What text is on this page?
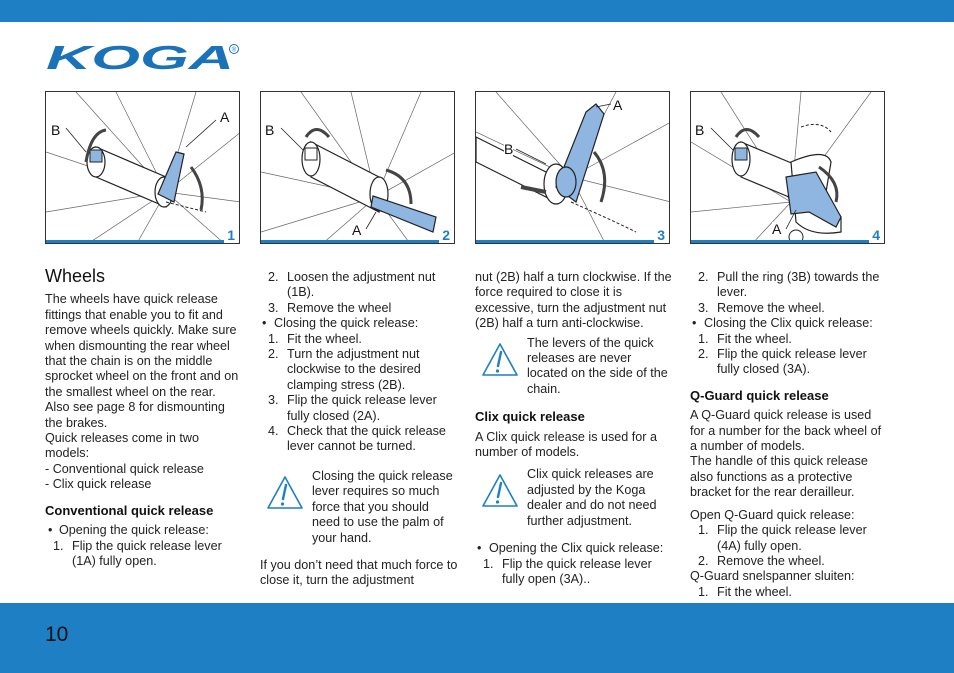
KOGA
®
B
A
1
B
A	2
A
B
3
B
A	4
Wheels

The wheels have quick release fittings that enable you to fit and remove wheels quickly. Make sure when dismounting the rear wheel that the chain is on the middle sprocket wheel on the front and on the smallest wheel on the rear. Also see page 8 for dismounting the brakes.

Quick releases come in two models:

- Conventional quick release

- Clix quick release

Conventional quick release
• Opening the quick release:
1. Flip the quick release lever (1A) fully open.
2. Loosen the adjustment nut (1B).
3. Remove the wheel
• Closing the quick release:
1. Fit the wheel.
2. Turn the adjustment nut clockwise to the desired clamping stress (2B).
3. Flip the quick release lever fully closed (2A).
4. Check that the quick release lever cannot be turned.
Closing the quick release lever requires so much force that you should need to use the palm of your hand.

If you don’t need that much force to close it, turn the adjustment

nut (2B) half a turn clockwise. If the force required to close it is excessive, turn the adjustment nut (2B) half a turn anti-clockwise.

The levers of the quick releases are never located on the side of the chain.
Clix quick release

A Clix quick release is used for a number of models.

Clix quick releases are adjusted by the Koga dealer and do not need further adjustment.
• Opening the Clix quick release:
1. Flip the quick release lever fully open (3A)..
2. Pull the ring (3B) towards the lever.
3. Remove the wheel.
• Closing the Clix quick release:
1. Fit the wheel.
2. Flip the quick release lever fully closed (3A).
Q-Guard quick release

A Q-Guard quick release is used for a number for the back wheel of a number of models.

The handle of this quick release also functions as a protective bracket for the rear derailleur.

Open Q-Guard quick release:

1. Flip the quick release lever (4A) fully open.
2. Remove the wheel.

Q-Guard snelspanner sluiten:

1. Fit the wheel.
10
